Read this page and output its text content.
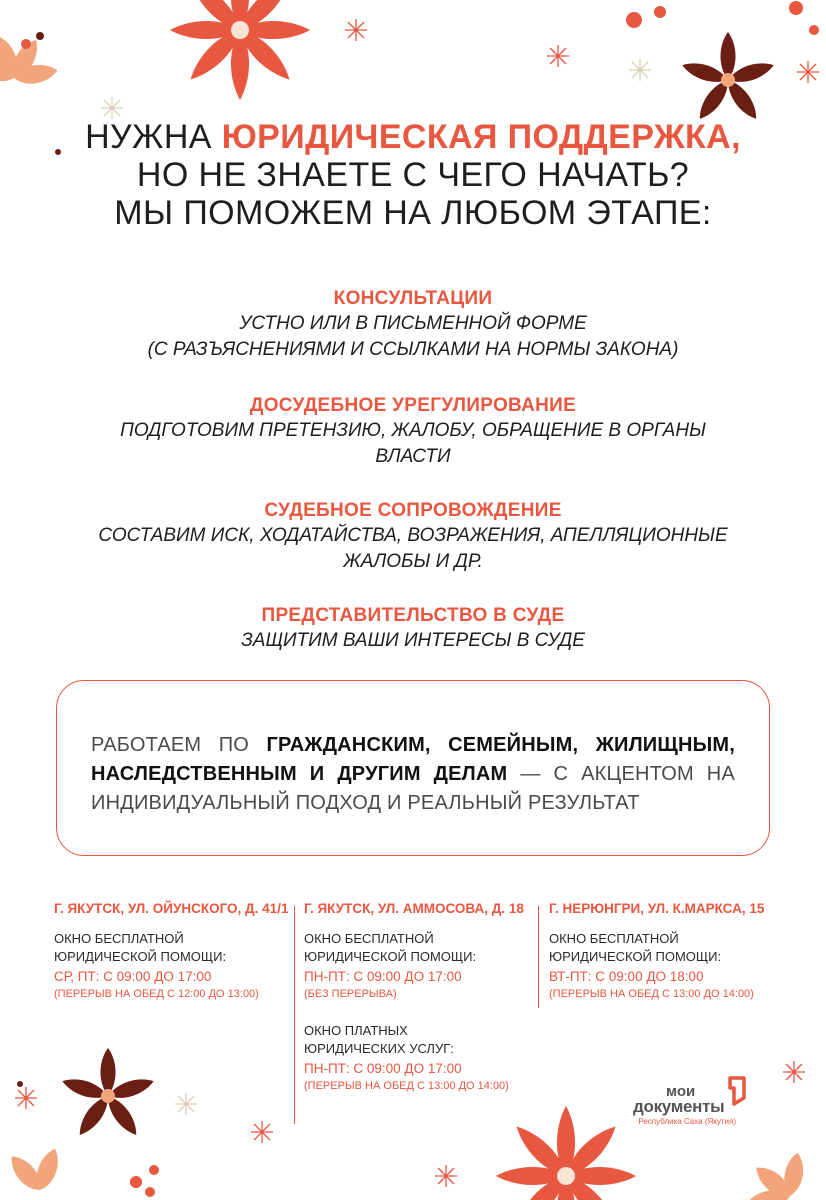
НУЖНА ЮРИДИЧЕСКАЯ ПОДДЕРЖКА,
НО НЕ ЗНАЕТЕ С ЧЕГО НАЧАТЬ?
МЫ ПОМОЖЕМ НА ЛЮБОМ ЭТАПЕ:
КОНСУЛЬТАЦИИ
УСТНО ИЛИ В ПИСЬМЕННОЙ ФОРМЕ
(С РАЗЪЯСНЕНИЯМИ И ССЫЛКАМИ НА НОРМЫ ЗАКОНА)
ДОСУДЕБНОЕ УРЕГУЛИРОВАНИЕ
ПОДГОТОВИМ ПРЕТЕНЗИЮ, ЖАЛОБУ, ОБРАЩЕНИЕ В ОРГАНЫ ВЛАСТИ
СУДЕБНОЕ СОПРОВОЖДЕНИЕ
СОСТАВИМ ИСК, ХОДАТАЙСТВА, ВОЗРАЖЕНИЯ, АПЕЛЛЯЦИОННЫЕ ЖАЛОБЫ И ДР.
ПРЕДСТАВИТЕЛЬСТВО В СУДЕ
ЗАЩИТИМ ВАШИ ИНТЕРЕСЫ В СУДЕ

РАБОТАЕМ ПО ГРАЖДАНСКИМ, СЕМЕЙНЫМ, ЖИЛИЩНЫМ, НАСЛЕДСТВЕННЫМ И ДРУГИМ ДЕЛАМ — С АКЦЕНТОМ НА ИНДИВИДУАЛЬНЫЙ ПОДХОД И РЕАЛЬНЫЙ РЕЗУЛЬТАТ

Г. ЯКУТСК, УЛ. ОЙУНСКОГО, Д. 41/1
ОКНО БЕСПЛАТНОЙ ЮРИДИЧЕСКОЙ ПОМОЩИ:
СР, ПТ: С 09:00 ДО 17:00
(ПЕРЕРЫВ НА ОБЕД С 12:00 ДО 13:00)
Г. ЯКУТСК, УЛ. АММОСОВА, Д. 18
ОКНО БЕСПЛАТНОЙ ЮРИДИЧЕСКОЙ ПОМОЩИ:
ПН-ПТ: С 09:00 ДО 17:00
(БЕЗ ПЕРЕРЫВА)
ОКНО ПЛАТНЫХ ЮРИДИЧЕСКИХ УСЛУГ:
ПН-ПТ: С 09:00 ДО 17:00
(ПЕРЕРЫВ НА ОБЕД С 13:00 ДО 14:00)
Г. НЕРЮНГРИ, УЛ. К.МАРКСА, 15
ОКНО БЕСПЛАТНОЙ ЮРИДИЧЕСКОЙ ПОМОЩИ:
ВТ-ПТ: С 09:00 ДО 18:00
(ПЕРЕРЫВ НА ОБЕД С 13:00 ДО 14:00)
мои
документы
Республика Саха (Якутия)
